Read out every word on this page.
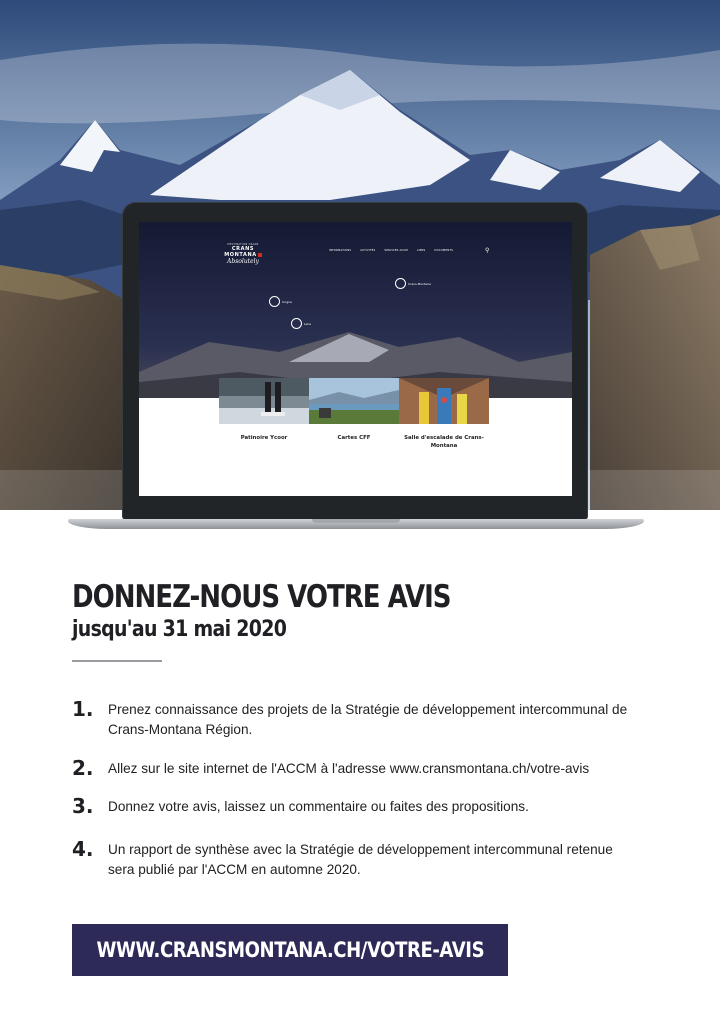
DESTINATION CRANS
CRANS MONTANA
Absolutely
INFORMATIONS	ACTIVITÉS	SERVICES ACCM	LIENS	DOCUMENTS	⚲
Crans-Montana
Icogne
Lens
Patinoire Ycoor	Cartes CFF	Salle d'escalade de Crans-Montana
DONNEZ-NOUS VOTRE AVIS
jusqu'au 31 mai 2020
1. Prenez connaissance des projets de la Stratégie de développement intercommunal de Crans-Montana Région.
2. Allez sur le site internet de l'ACCM à l'adresse www.cransmontana.ch/votre-avis
3. Donnez votre avis, laissez un commentaire ou faites des propositions.
4. Un rapport de synthèse avec la Stratégie de développement intercommunal retenue sera publié par l'ACCM en automne 2020.
WWW.CRANSMONTANA.CH/VOTRE-AVIS
